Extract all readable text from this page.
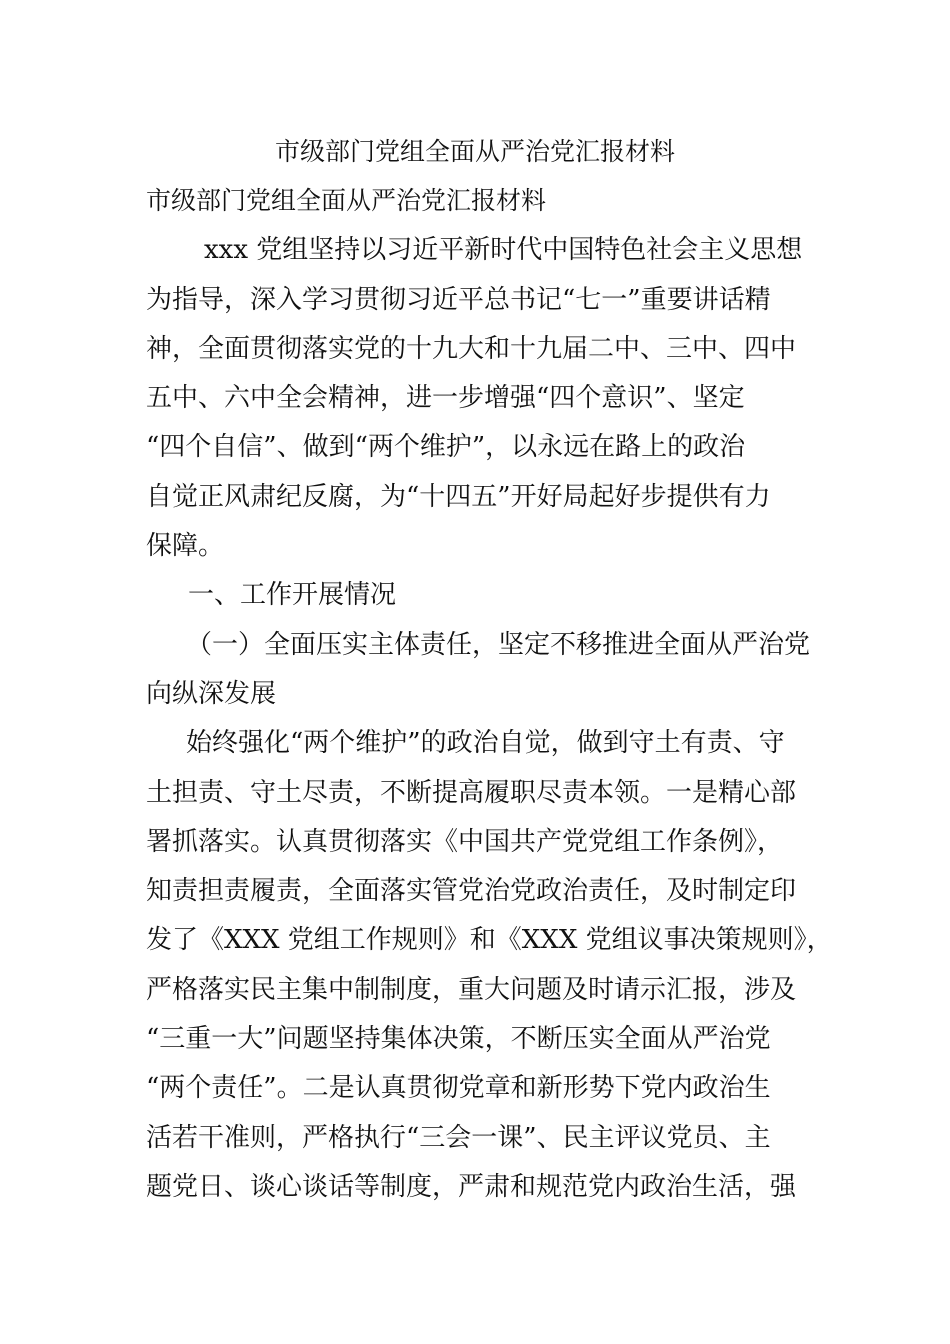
市级部门党组全面从严治党汇报材料
市级部门党组全面从严治党汇报材料
xxx 党组坚持以习近平新时代中国特色社会主义思想
为指导，深入学习贯彻习近平总书记“七一”重要讲话精
神，全面贯彻落实党的十九大和十九届二中、三中、四中
五中、六中全会精神，进一步增强“四个意识”、坚定
“四个自信”、做到“两个维护”，以永远在路上的政治
自觉正风肃纪反腐，为“十四五”开好局起好步提供有力
保障。
一、工作开展情况
（一）全面压实主体责任，坚定不移推进全面从严治党
向纵深发展
始终强化“两个维护”的政治自觉，做到守土有责、守
土担责、守土尽责，不断提高履职尽责本领。一是精心部
署抓落实。认真贯彻落实《中国共产党党组工作条例》，
知责担责履责，全面落实管党治党政治责任，及时制定印
发了《XXX 党组工作规则》和《XXX 党组议事决策规则》，
严格落实民主集中制制度，重大问题及时请示汇报，涉及
“三重一大”问题坚持集体决策，不断压实全面从严治党
“两个责任”。二是认真贯彻党章和新形势下党内政治生
活若干准则，严格执行“三会一课”、民主评议党员、主
题党日、谈心谈话等制度，严肃和规范党内政治生活，强
